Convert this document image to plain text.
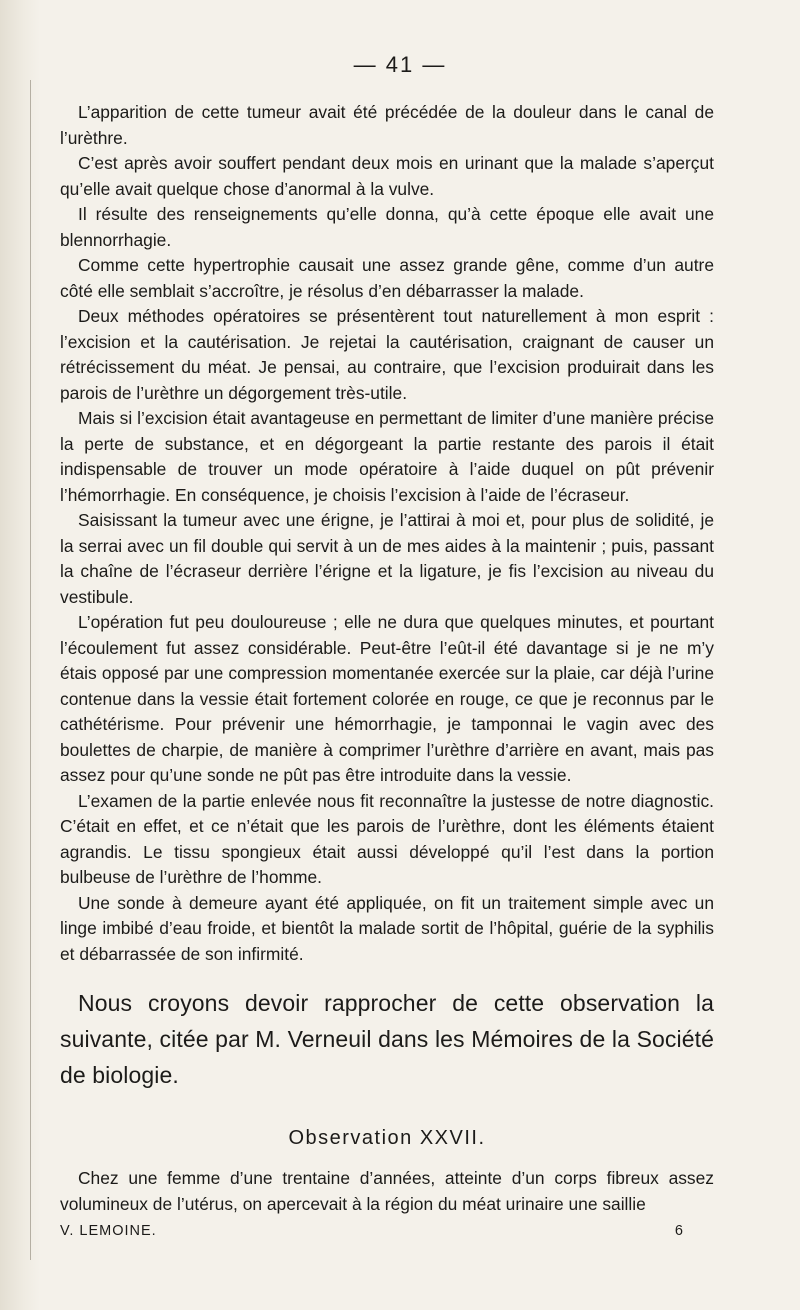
— 41 —

L’apparition de cette tumeur avait été précédée de la douleur dans le canal de l’urèthre.

C’est après avoir souffert pendant deux mois en urinant que la malade s’aperçut qu’elle avait quelque chose d’anormal à la vulve.

Il résulte des renseignements qu’elle donna, qu’à cette époque elle avait une blennorrhagie.

Comme cette hypertrophie causait une assez grande gêne, comme d’un autre côté elle semblait s’accroître, je résolus d’en débarrasser la malade.

Deux méthodes opératoires se présentèrent tout naturellement à mon esprit : l’excision et la cautérisation. Je rejetai la cautérisation, craignant de causer un rétrécissement du méat. Je pensai, au contraire, que l’excision produirait dans les parois de l’urèthre un dégorgement très-utile.

Mais si l’excision était avantageuse en permettant de limiter d’une manière précise la perte de substance, et en dégorgeant la partie restante des parois il était indispensable de trouver un mode opératoire à l’aide duquel on pût prévenir l’hémorrhagie. En conséquence, je choisis l’excision à l’aide de l’écraseur.

Saisissant la tumeur avec une érigne, je l’attirai à moi et, pour plus de solidité, je la serrai avec un fil double qui servit à un de mes aides à la maintenir ; puis, passant la chaîne de l’écraseur derrière l’érigne et la ligature, je fis l’excision au niveau du vestibule.

L’opération fut peu douloureuse ; elle ne dura que quelques minutes, et pourtant l’écoulement fut assez considérable. Peut-être l’eût-il été davantage si je ne m’y étais opposé par une compression momentanée exercée sur la plaie, car déjà l’urine contenue dans la vessie était fortement colorée en rouge, ce que je reconnus par le cathétérisme. Pour prévenir une hémorrhagie, je tamponnai le vagin avec des boulettes de charpie, de manière à comprimer l’urèthre d’arrière en avant, mais pas assez pour qu’une sonde ne pût pas être introduite dans la vessie.

L’examen de la partie enlevée nous fit reconnaître la justesse de notre diagnostic. C’était en effet, et ce n’était que les parois de l’urèthre, dont les éléments étaient agrandis. Le tissu spongieux était aussi développé qu’il l’est dans la portion bulbeuse de l’urèthre de l’homme.

Une sonde à demeure ayant été appliquée, on fit un traitement simple avec un linge imbibé d’eau froide, et bientôt la malade sortit de l’hôpital, guérie de la syphilis et débarrassée de son infirmité.

Nous croyons devoir rapprocher de cette observation la suivante, citée par M. Verneuil dans les Mémoires de la Société de biologie.

Observation XXVII.

Chez une femme d’une trentaine d’années, atteinte d’un corps fibreux assez volumineux de l’utérus, on apercevait à la région du méat urinaire une saillie

V. LEMOINE.	6
